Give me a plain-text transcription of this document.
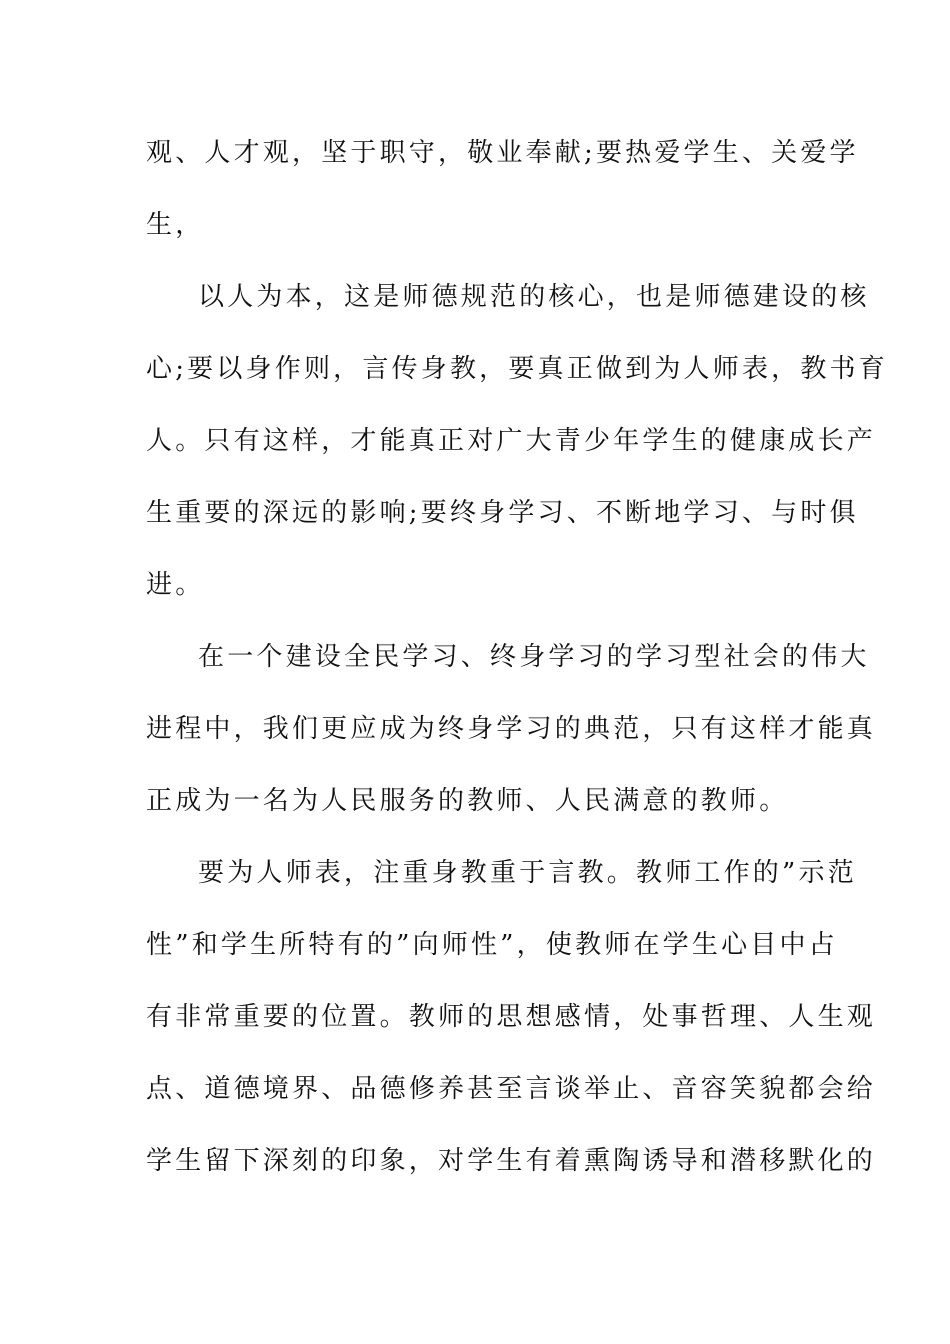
观、人才观，坚于职守，敬业奉献;要热爱学生、关爱学
生，
以人为本，这是师德规范的核心，也是师德建设的核
心;要以身作则，言传身教，要真正做到为人师表，教书育
人。只有这样，才能真正对广大青少年学生的健康成长产
生重要的深远的影响;要终身学习、不断地学习、与时俱
进。
在一个建设全民学习、终身学习的学习型社会的伟大
进程中，我们更应成为终身学习的典范，只有这样才能真
正成为一名为人民服务的教师、人民满意的教师。
要为人师表，注重身教重于言教。教师工作的”示范
性”和学生所特有的”向师性”，使教师在学生心目中占
有非常重要的位置。教师的思想感情，处事哲理、人生观
点、道德境界、品德修养甚至言谈举止、音容笑貌都会给
学生留下深刻的印象，对学生有着熏陶诱导和潜移默化的
